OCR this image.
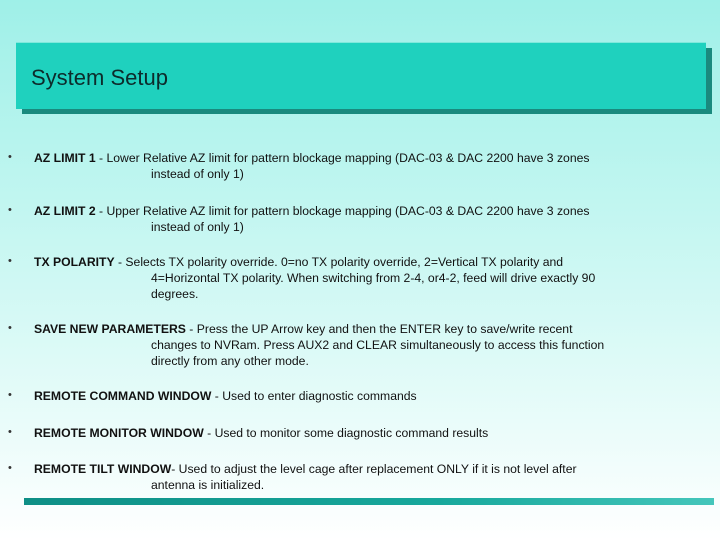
System Setup
• AZ LIMIT 1 - Lower Relative AZ limit for pattern blockage mapping (DAC-03 & DAC 2200 have 3 zones
instead of only 1)
• AZ LIMIT 2 - Upper Relative AZ limit for pattern blockage mapping (DAC-03 & DAC 2200 have 3 zones
instead of only 1)
• TX POLARITY - Selects TX polarity override. 0=no TX polarity override, 2=Vertical TX polarity and
4=Horizontal TX polarity. When switching from 2-4, or4-2, feed will drive exactly 90
degrees.
• SAVE NEW PARAMETERS - Press the UP Arrow key and then the ENTER key to save/write recent
changes to NVRam. Press AUX2 and CLEAR simultaneously to access this function
directly from any other mode.
• REMOTE COMMAND WINDOW - Used to enter diagnostic commands
• REMOTE MONITOR WINDOW - Used to monitor some diagnostic command results
• REMOTE TILT WINDOW- Used to adjust the level cage after replacement ONLY if it is not level after
antenna is initialized.
